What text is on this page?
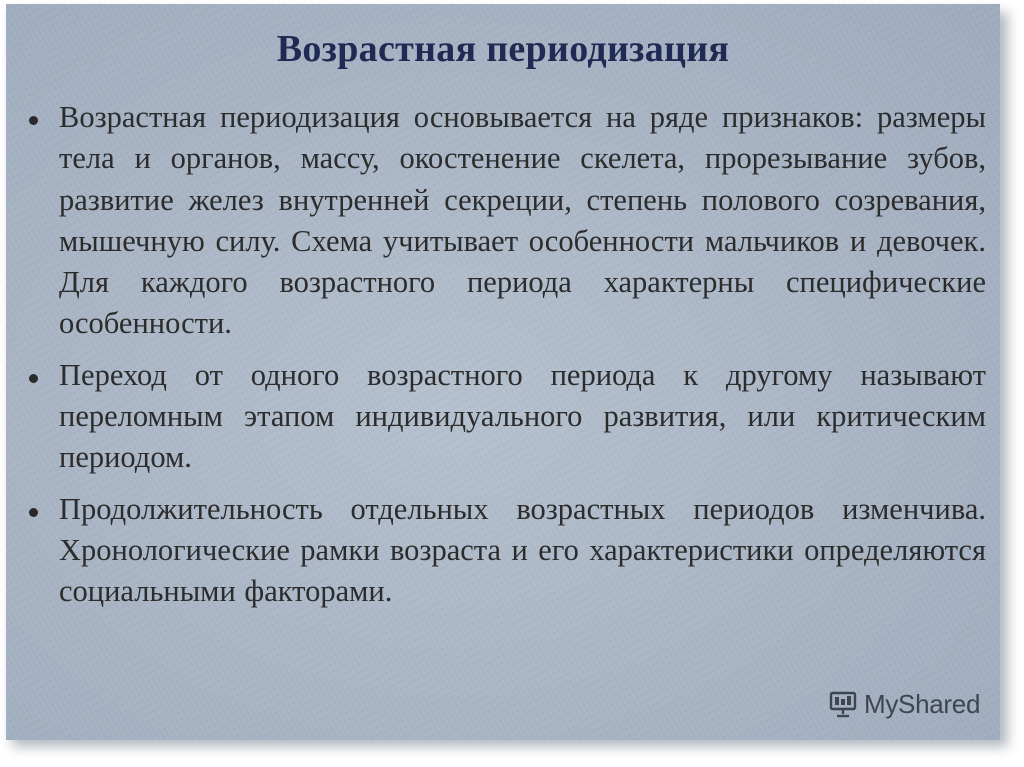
Возрастная периодизация
Возрастная периодизация основывается на ряде признаков: размеры тела и органов, массу, окостенение скелета, прорезывание зубов, развитие желез внутренней секреции, степень полового созревания, мышечную силу. Схема учитывает особенности мальчиков и девочек. Для каждого возрастного периода характерны специфические особенности.
Переход от одного возрастного периода к другому называют переломным этапом индивидуального развития, или критическим периодом.
Продолжительность отдельных возрастных периодов изменчива. Хронологические рамки возраста и его характеристики определяются социальными факторами.
MyShared
